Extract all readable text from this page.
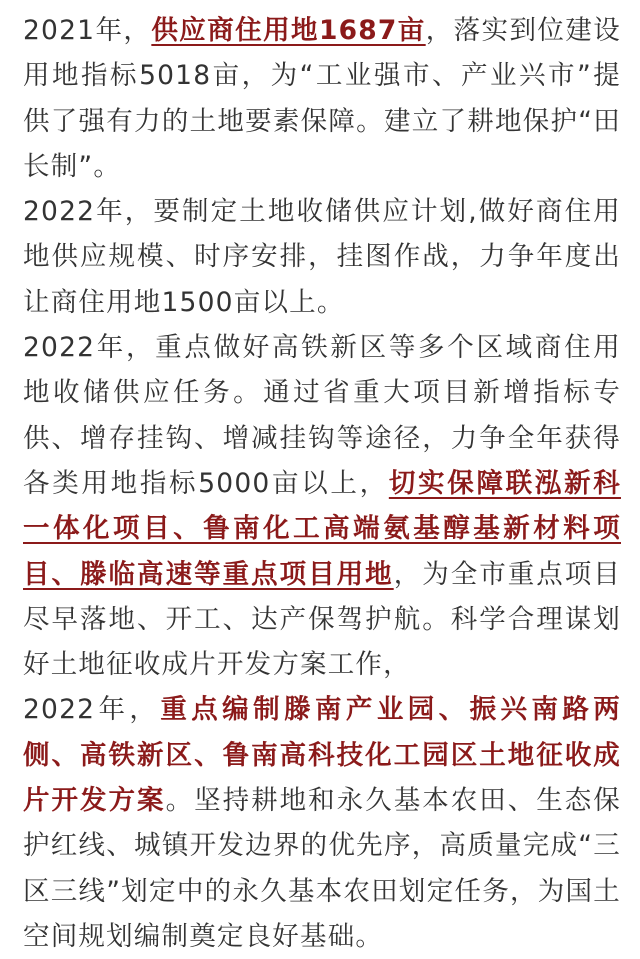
2021年，供应商住用地1687亩，落实到位建设用地指标5018亩，为“工业强市、产业兴市”提供了强有力的土地要素保障。建立了耕地保护“田长制”。

2022年，要制定土地收储供应计划,做好商住用地供应规模、时序安排，挂图作战，力争年度出让商住用地1500亩以上。

2022年，重点做好高铁新区等多个区域商住用地收储供应任务。通过省重大项目新增指标专供、增存挂钩、增减挂钩等途径，力争全年获得各类用地指标5000亩以上，切实保障联泓新科一体化项目、鲁南化工高端氨基醇基新材料项目、滕临高速等重点项目用地，为全市重点项目尽早落地、开工、达产保驾护航。科学合理谋划好土地征收成片开发方案工作，

2022年，重点编制滕南产业园、振兴南路两侧、高铁新区、鲁南高科技化工园区土地征收成片开发方案。坚持耕地和永久基本农田、生态保护红线、城镇开发边界的优先序，高质量完成“三区三线”划定中的永久基本农田划定任务，为国土空间规划编制奠定良好基础。
